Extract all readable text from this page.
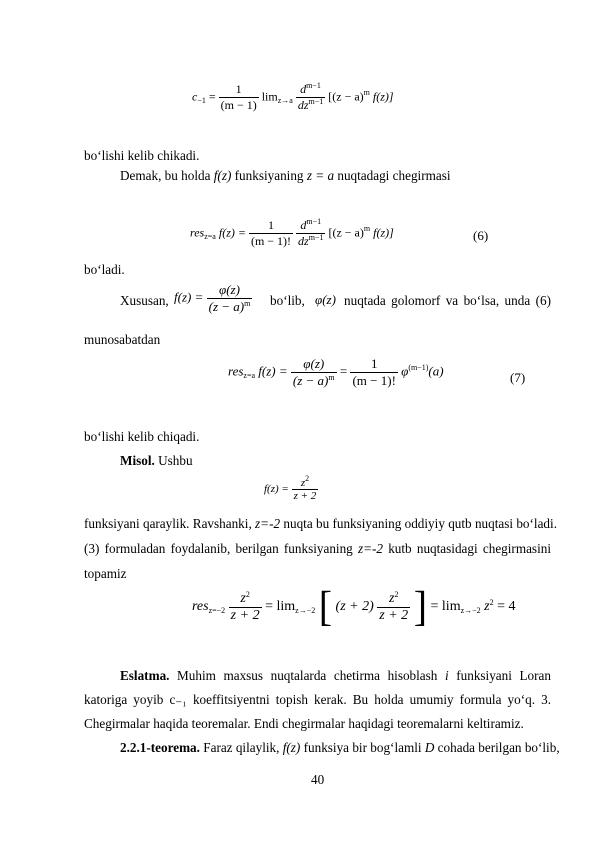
$c_{-1} = \frac{1}{(m - 1)} \lim_{z\to a} \frac{d^{m-1}}{dz^{m-1}} [(z - a)^m$ f(z)]
bo‘lishi kelib chikadi.
Demak, bu holda f(z) funksiyaning z = a nuqtadagi chegirmasi
res$_{z=a}$ $f(z) = \frac{1}{(m - 1)!}$
$\frac{d^{m-1}}{dz^{m-1}} [(z - a)^m$ f(z)]	(6)
bo‘ladi.
Xususan, $f(z) = \frac{\varphi(z)}{(z - a)^m}$ bo‘lib, φ(z) nuqtada golomorf va bo‘lsa, unda (6)
munosabatdan
res$_{z=a}$ $f(z) = \frac{\varphi(z)}{(z - a)^m} = \frac{1}{(m - 1)!} \varphi^{(m-1)}(a)$	(7)
bo‘lishi kelib chiqadi.
Misol. Ushbu
$f(z) = \frac{z^2}{z + 2}$
funksiyani qaraylik. Ravshanki, z=-2 nuqta bu funksiyaning oddiyiy qutb nuqtasi bo‘ladi.
(3) formuladan foydalanib, berilgan funksiyaning z=-2 kutb nuqtasidagi chegirmasini
topamiz
$res_{z=-2} \frac{z^2}{z + 2} = \lim_{z\to-2}$ [ $(z + 2) \frac{z^2}{z + 2}$ ] = $\lim_{z\to-2} z^2 = 4$
Eslatma. Muhim maxsus nuqtalarda chetirma hisoblash i funksiyani Loran
katoriga yoyib c₋₁ koeffitsiyentni topish kerak. Bu holda umumiy formula yo‘q. 3.
Chegirmalar haqida teoremalar. Endi chegirmalar haqidagi teoremalarni keltiramiz.
2.2.1-teorema. Faraz qilaylik, f(z) funksiya bir bog‘lamli D cohada berilgan bo‘lib,
40
